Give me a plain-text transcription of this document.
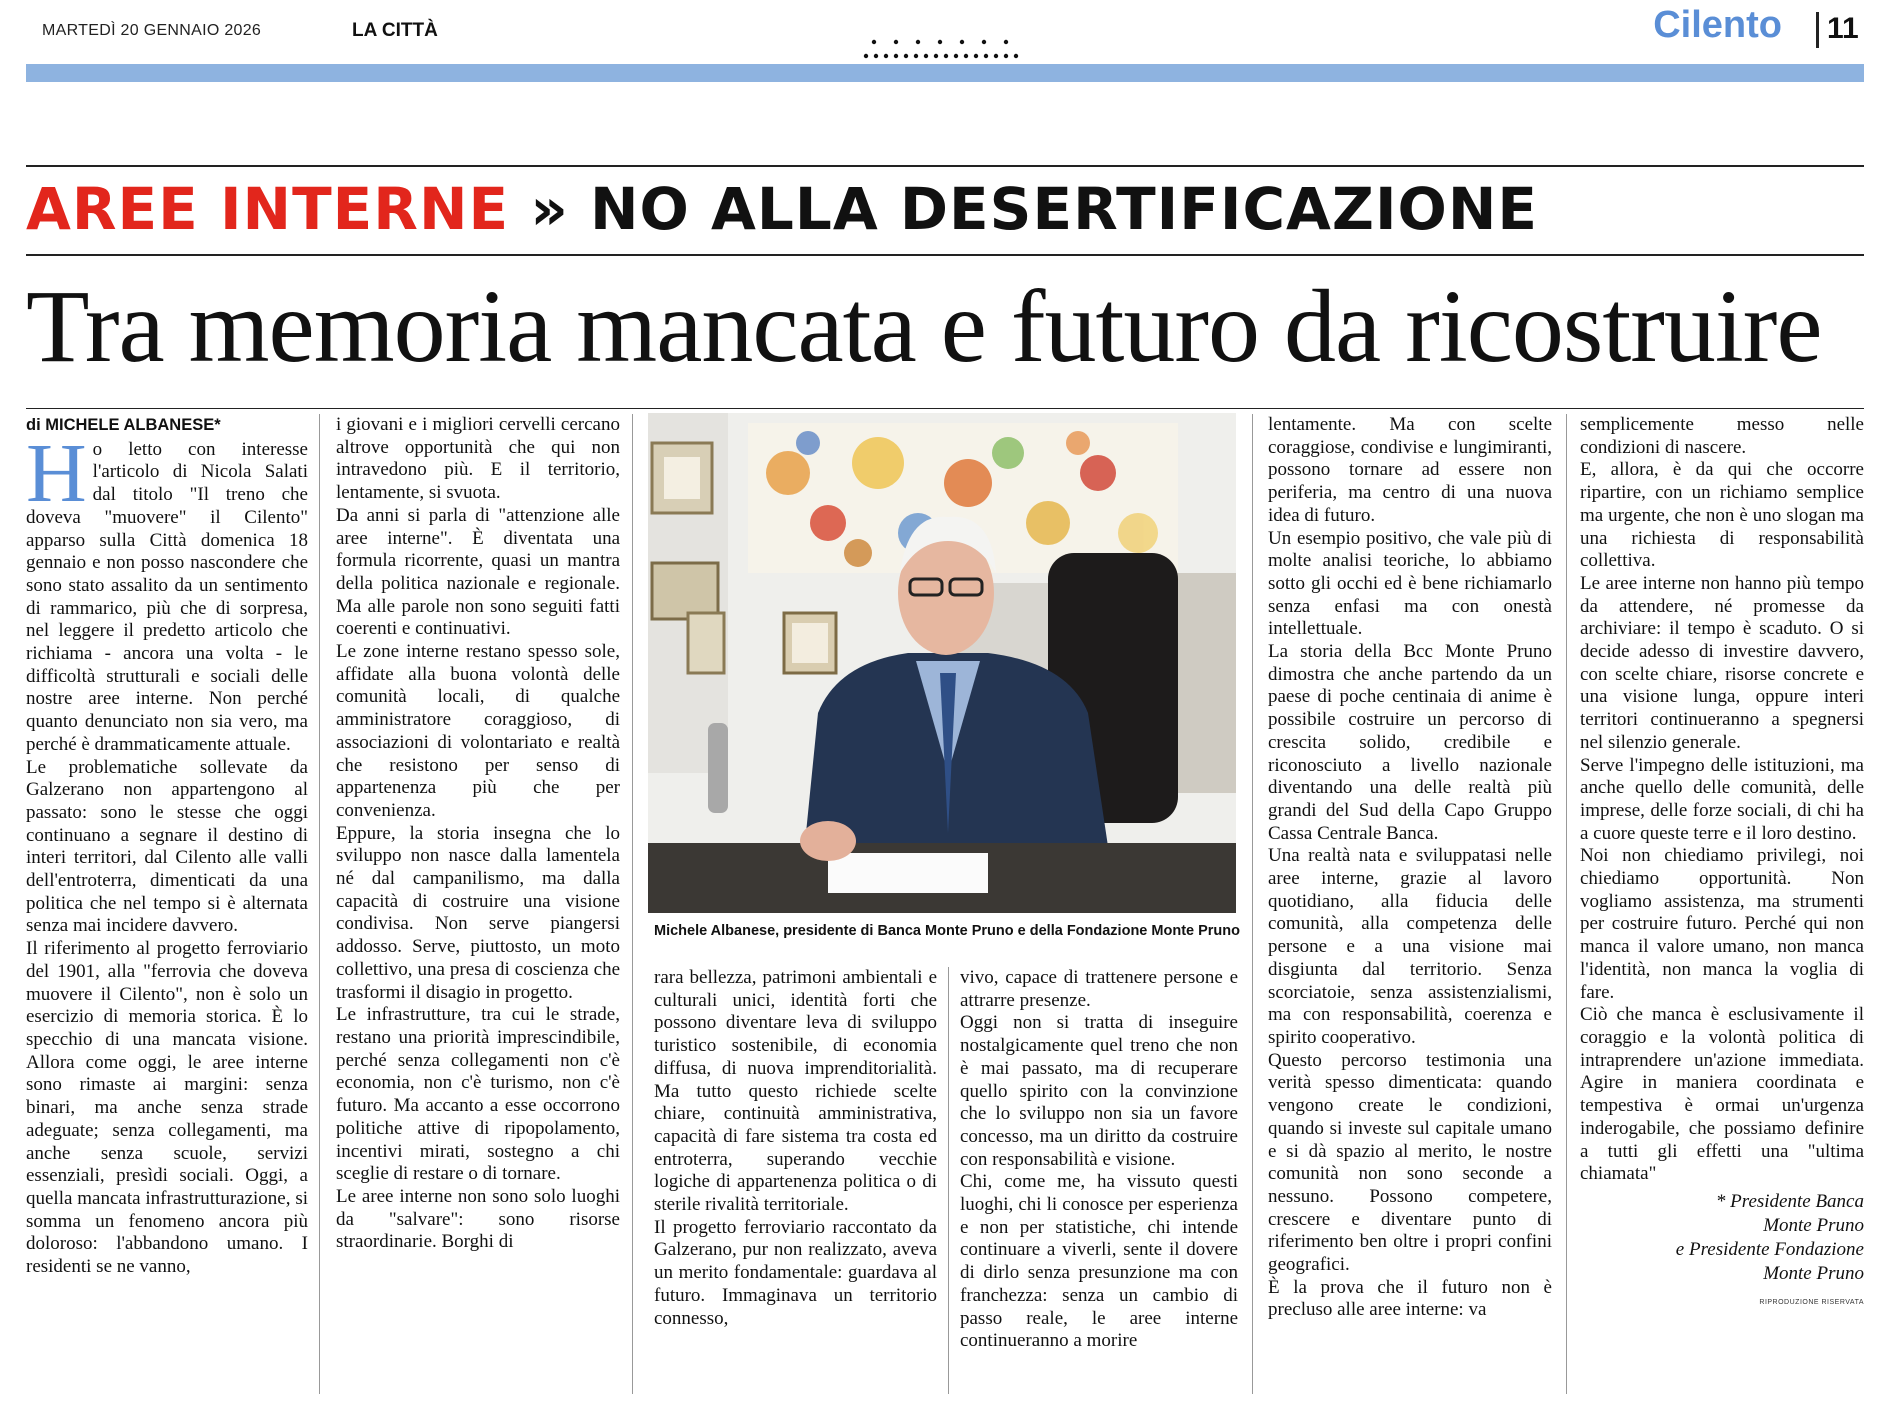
MARTEDÌ 20 GENNAIO 2026	LA CITTÀ	Cilento 11
AREE INTERNE » NO ALLA DESERTIFICAZIONE
Tra memoria mancata e futuro da ricostruire
di MICHELE ALBANESE*

Ho letto con interesse l'articolo di Nicola Salati dal titolo "Il treno che doveva "muovere" il Cilento" apparso sulla Città domenica 18 gennaio e non posso nascondere che sono stato assalito da un sentimento di rammarico, più che di sorpresa, nel leggere il predetto articolo che richiama - ancora una volta - le difficoltà strutturali e sociali delle nostre aree interne. Non perché quanto denunciato non sia vero, ma perché è drammaticamente attuale.

Le problematiche sollevate da Galzerano non appartengono al passato: sono le stesse che oggi continuano a segnare il destino di interi territori, dal Cilento alle valli dell'entroterra, dimenticati da una politica che nel tempo si è alternata senza mai incidere davvero.

Il riferimento al progetto ferroviario del 1901, alla "ferrovia che doveva muovere il Cilento", non è solo un esercizio di memoria storica. È lo specchio di una mancata visione. Allora come oggi, le aree interne sono rimaste ai margini: senza binari, ma anche senza strade adeguate; senza collegamenti, ma anche senza scuole, servizi essenziali, presìdi sociali. Oggi, a quella mancata infrastrutturazione, si somma un fenomeno ancora più doloroso: l'abbandono umano. I residenti se ne vanno,

i giovani e i migliori cervelli cercano altrove opportunità che qui non intravedono più. E il territorio, lentamente, si svuota.

Da anni si parla di "attenzione alle aree interne". È diventata una formula ricorrente, quasi un mantra della politica nazionale e regionale. Ma alle parole non sono seguiti fatti coerenti e continuativi.

Le zone interne restano spesso sole, affidate alla buona volontà delle comunità locali, di qualche amministratore coraggioso, di associazioni di volontariato e realtà che resistono per senso di appartenenza più che per convenienza.

Eppure, la storia insegna che lo sviluppo non nasce dalla lamentela né dal campanilismo, ma dalla capacità di costruire una visione condivisa. Non serve piangersi addosso. Serve, piuttosto, un moto collettivo, una presa di coscienza che trasformi il disagio in progetto.

Le infrastrutture, tra cui le strade, restano una priorità imprescindibile, perché senza collegamenti non c'è economia, non c'è turismo, non c'è futuro. Ma accanto a esse occorrono politiche attive di ripopolamento, incentivi mirati, sostegno a chi sceglie di restare o di tornare.

Le aree interne non sono solo luoghi da "salvare": sono risorse straordinarie. Borghi di

Michele Albanese, presidente di Banca Monte Pruno e della Fondazione Monte Pruno

rara bellezza, patrimoni ambientali e culturali unici, identità forti che possono diventare leva di sviluppo turistico sostenibile, di economia diffusa, di nuova imprenditorialità. Ma tutto questo richiede scelte chiare, continuità amministrativa, capacità di fare sistema tra costa ed entroterra, superando vecchie logiche di appartenenza politica o di sterile rivalità territoriale.

Il progetto ferroviario raccontato da Galzerano, pur non realizzato, aveva un merito fondamentale: guardava al futuro. Immaginava un territorio connesso,

vivo, capace di trattenere persone e attrarre presenze.

Oggi non si tratta di inseguire nostalgicamente quel treno che non è mai passato, ma di recuperare quello spirito con la convinzione che lo sviluppo non sia un favore concesso, ma un diritto da costruire con responsabilità e visione.

Chi, come me, ha vissuto questi luoghi, chi li conosce per esperienza e non per statistiche, chi intende continuare a viverli, sente il dovere di dirlo senza presunzione ma con franchezza: senza un cambio di passo reale, le aree interne continueranno a morire

lentamente. Ma con scelte coraggiose, condivise e lungimiranti, possono tornare ad essere non periferia, ma centro di una nuova idea di futuro.

Un esempio positivo, che vale più di molte analisi teoriche, lo abbiamo sotto gli occhi ed è bene richiamarlo senza enfasi ma con onestà intellettuale.

La storia della Bcc Monte Pruno dimostra che anche partendo da un paese di poche centinaia di anime è possibile costruire un percorso di crescita solido, credibile e riconosciuto a livello nazionale diventando una delle realtà più grandi del Sud della Capo Gruppo Cassa Centrale Banca.

Una realtà nata e sviluppatasi nelle aree interne, grazie al lavoro quotidiano, alla fiducia delle comunità, alla competenza delle persone e a una visione mai disgiunta dal territorio. Senza scorciatoie, senza assistenzialismi, ma con responsabilità, coerenza e spirito cooperativo.

Questo percorso testimonia una verità spesso dimenticata: quando vengono create le condizioni, quando si investe sul capitale umano e si dà spazio al merito, le nostre comunità non sono seconde a nessuno. Possono competere, crescere e diventare punto di riferimento ben oltre i propri confini geografici.

È la prova che il futuro non è precluso alle aree interne: va

semplicemente messo nelle condizioni di nascere.

E, allora, è da qui che occorre ripartire, con un richiamo semplice ma urgente, che non è uno slogan ma una richiesta di responsabilità collettiva.

Le aree interne non hanno più tempo da attendere, né promesse da archiviare: il tempo è scaduto. O si decide adesso di investire davvero, con scelte chiare, risorse concrete e una visione lunga, oppure interi territori continueranno a spegnersi nel silenzio generale.

Serve l'impegno delle istituzioni, ma anche quello delle comunità, delle imprese, delle forze sociali, di chi ha a cuore queste terre e il loro destino.

Noi non chiediamo privilegi, noi chiediamo opportunità. Non vogliamo assistenza, ma strumenti per costruire futuro. Perché qui non manca il valore umano, non manca l'identità, non manca la voglia di fare.

Ciò che manca è esclusivamente il coraggio e la volontà politica di intraprendere un'azione immediata. Agire in maniera coordinata e tempestiva è ormai un'urgenza inderogabile, che possiamo definire a tutti gli effetti una "ultima chiamata"

* Presidente Banca
Monte Pruno
e Presidente Fondazione
Monte Pruno
RIPRODUZIONE RISERVATA
